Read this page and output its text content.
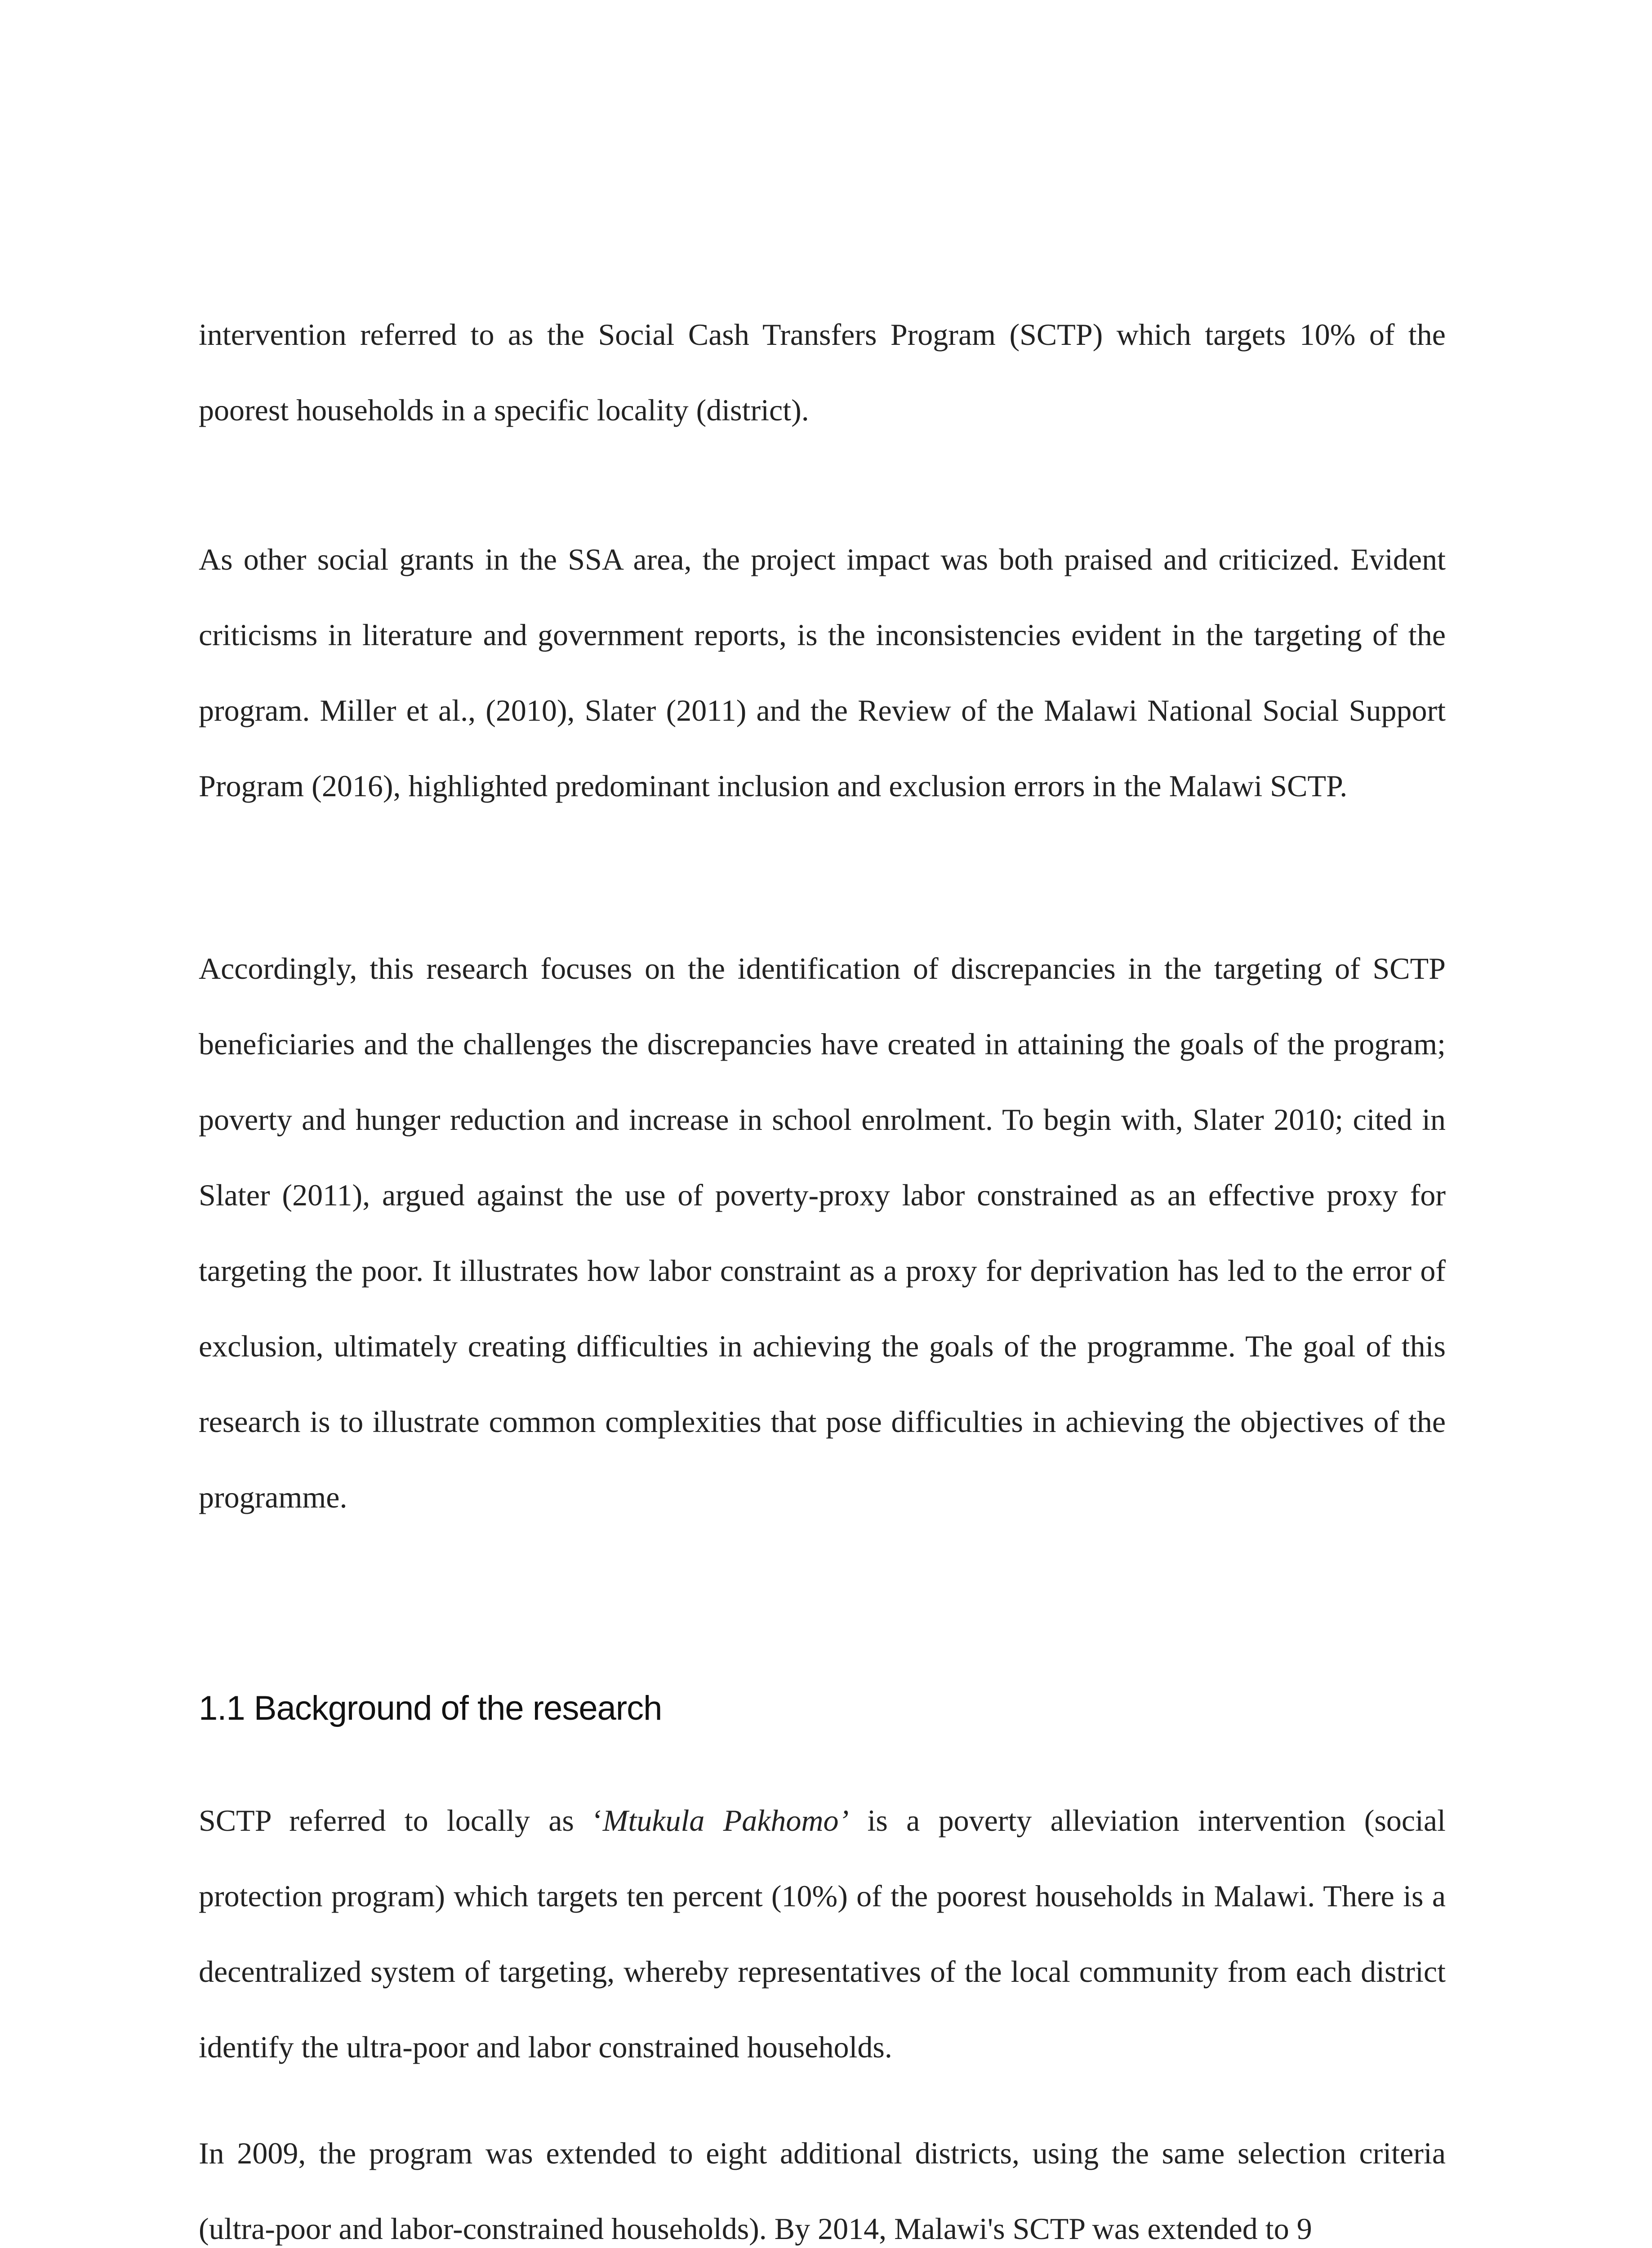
intervention referred to as the Social Cash Transfers Program (SCTP) which targets 10% of the poorest households in a specific locality (district).

As other social grants in the SSA area, the project impact was both praised and criticized. Evident criticisms in literature and government reports, is the inconsistencies evident in the targeting of the program. Miller et al., (2010), Slater (2011) and the Review of the Malawi National Social Support Program (2016), highlighted predominant inclusion and exclusion errors in the Malawi SCTP.

Accordingly, this research focuses on the identification of discrepancies in the targeting of SCTP beneficiaries and the challenges the discrepancies have created in attaining the goals of the program; poverty and hunger reduction and increase in school enrolment. To begin with, Slater 2010; cited in Slater (2011), argued against the use of poverty-proxy labor constrained as an effective proxy for targeting the poor. It illustrates how labor constraint as a proxy for deprivation has led to the error of exclusion, ultimately creating difficulties in achieving the goals of the programme. The goal of this research is to illustrate common complexities that pose difficulties in achieving the objectives of the programme.

1.1 Background of the research

SCTP referred to locally as ‘Mtukula Pakhomo’ is a poverty alleviation intervention (social protection program) which targets ten percent (10%) of the poorest households in Malawi. There is a decentralized system of targeting, whereby representatives of the local community from each district identify the ultra-poor and labor constrained households.

In 2009, the program was extended to eight additional districts, using the same selection criteria (ultra-poor and labor-constrained households). By 2014, Malawi's SCTP was extended to 9
